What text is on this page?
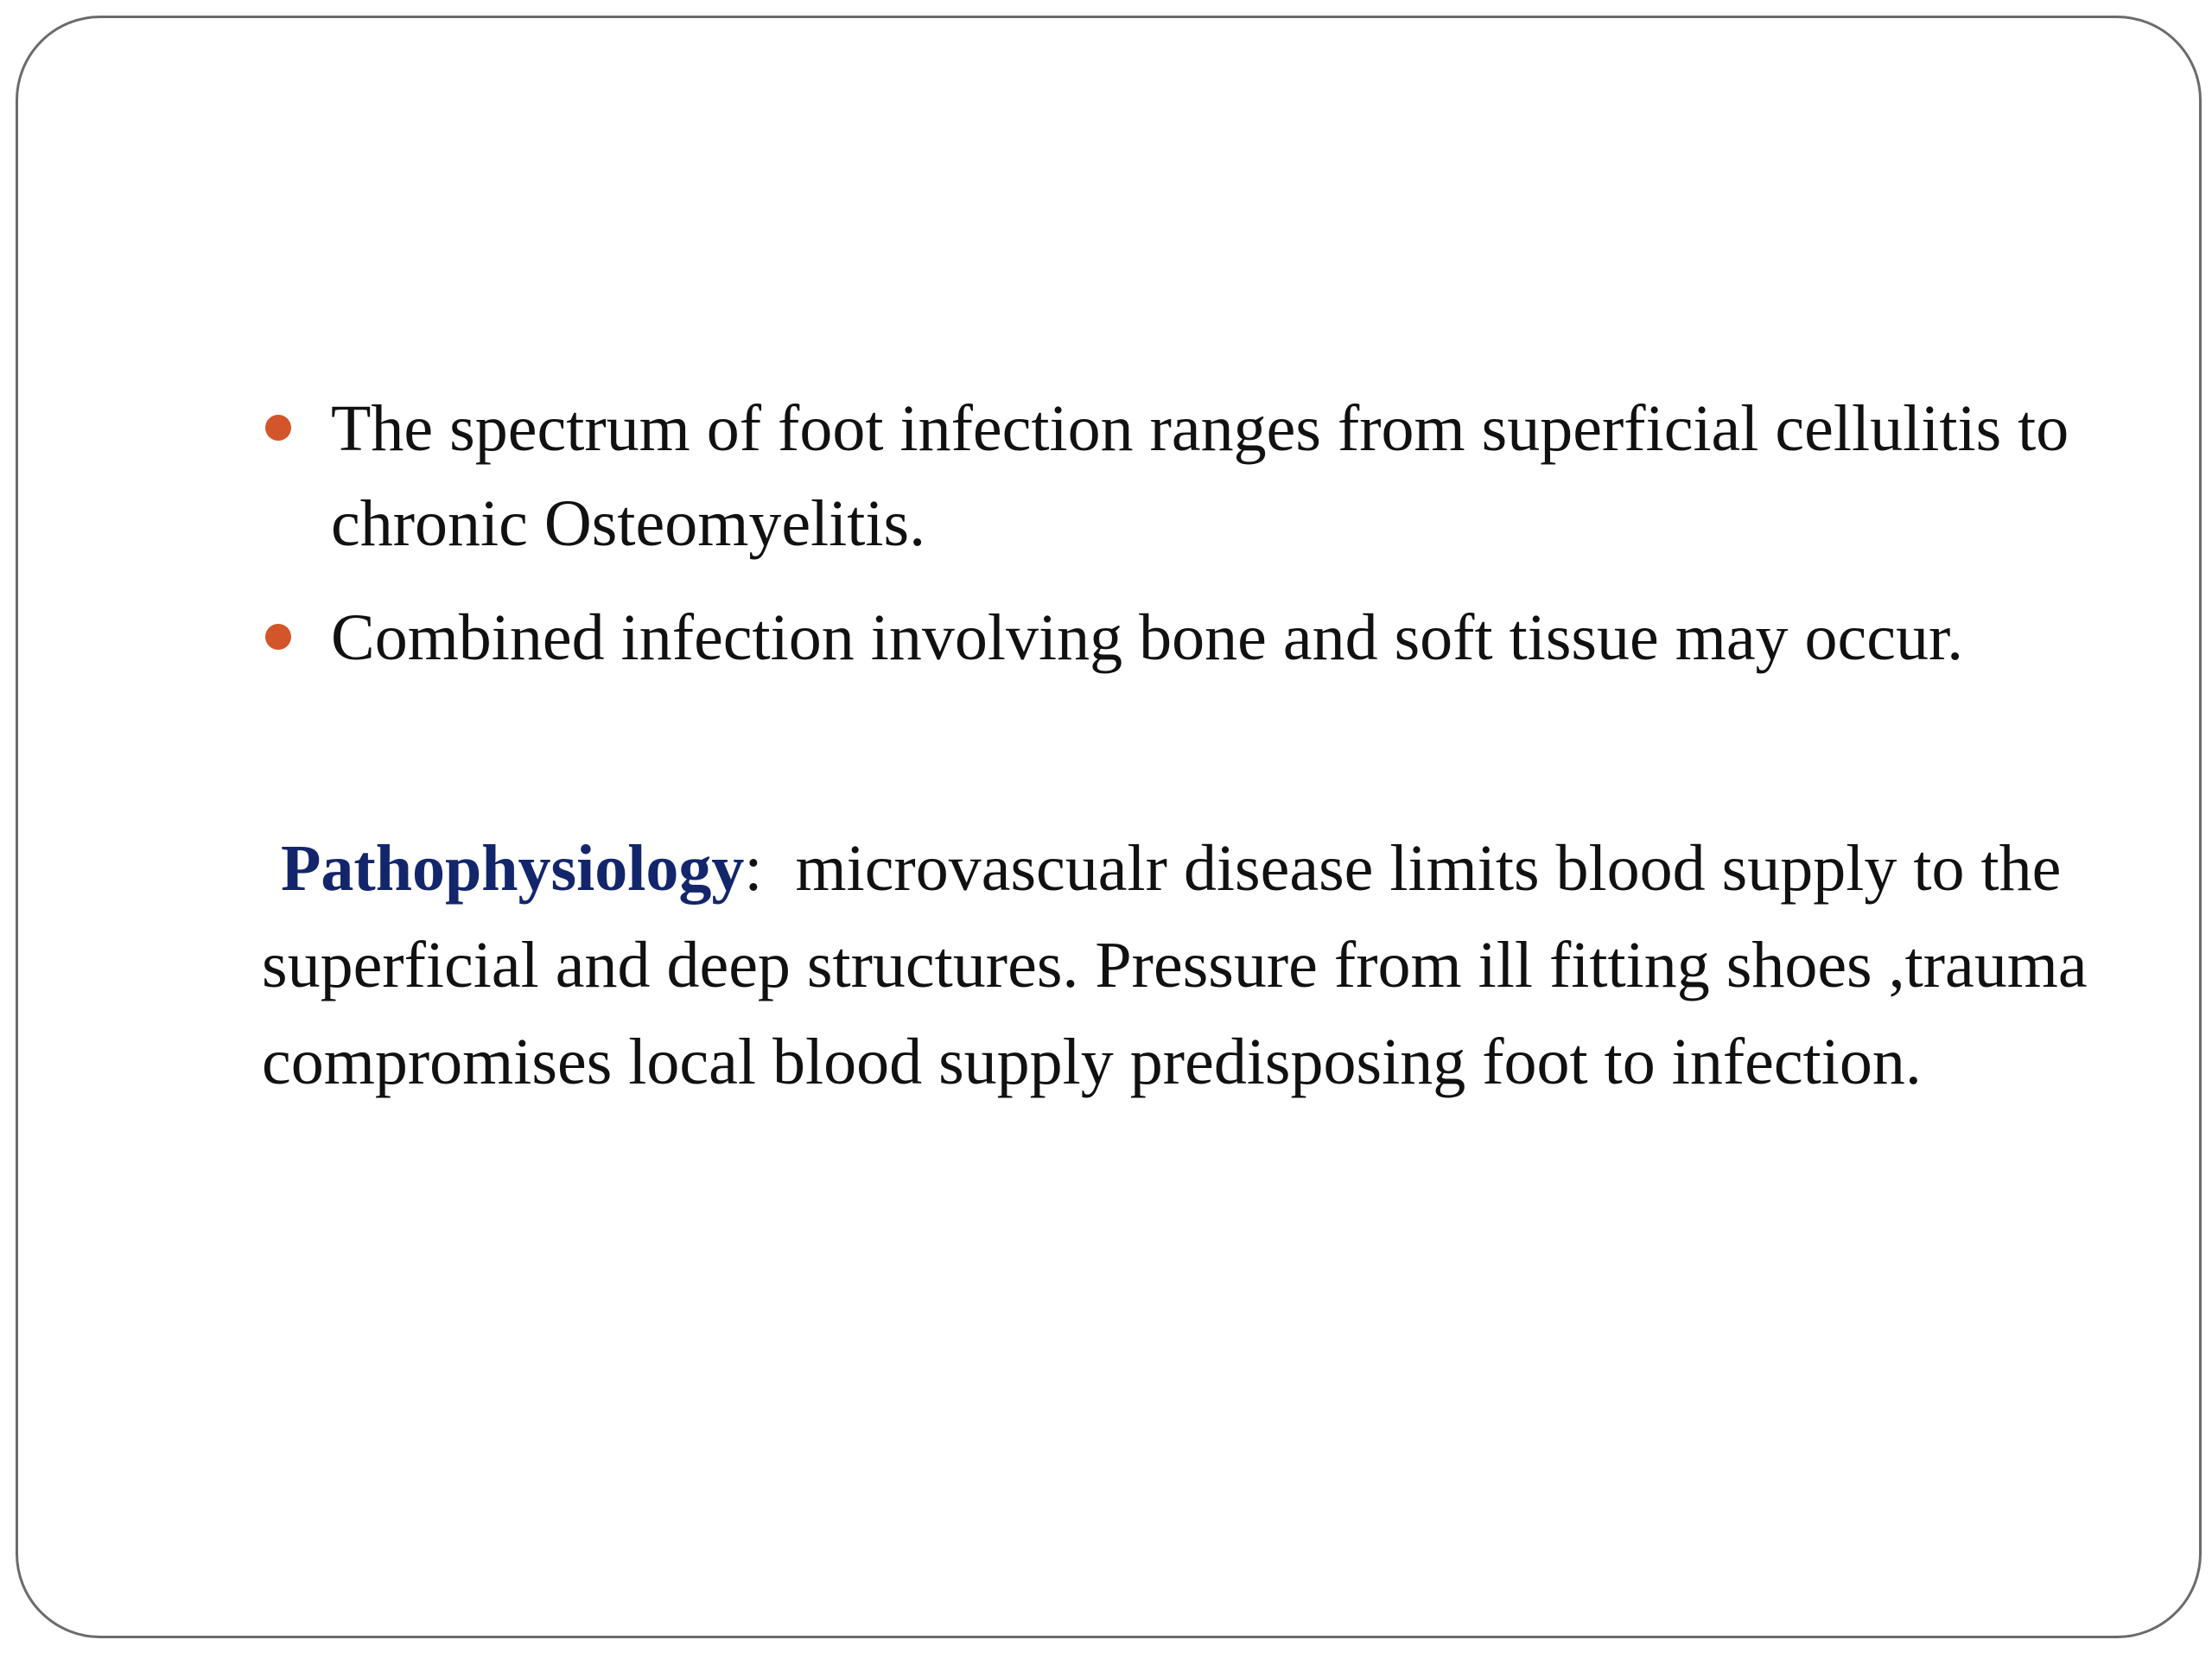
The spectrum of foot infection ranges from superficial cellulitis to chronic Osteomyelitis.
Combined infection involving bone and soft tissue may occur.

Pathophysiology:  microvascualr disease limits blood supply to the superficial and deep structures. Pressure from ill fitting shoes ,trauma compromises local blood supply predisposing foot to infection.
